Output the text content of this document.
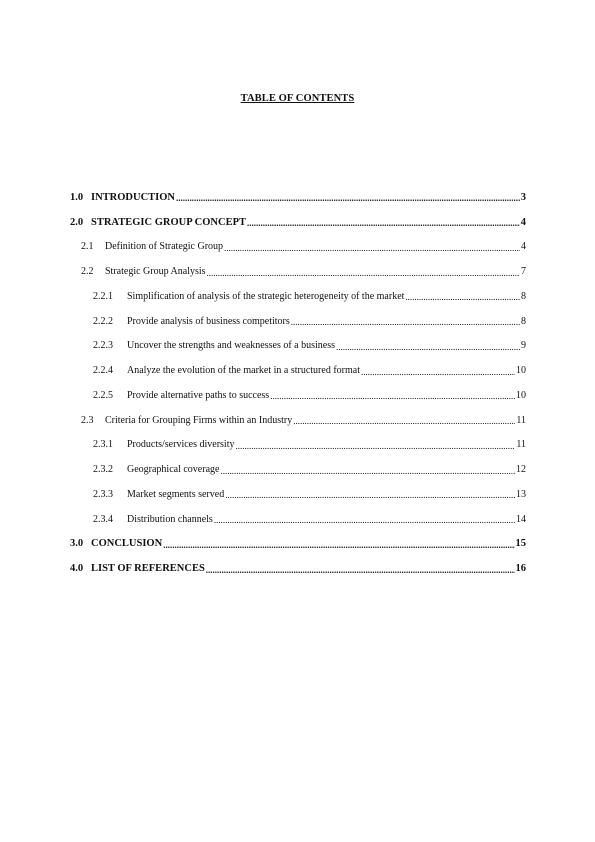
TABLE OF CONTENTS
1.0 INTRODUCTION .....	3
2.0 STRATEGIC GROUP CONCEPT .....	4
2.1	Definition of Strategic Group .....	4
2.2	Strategic Group Analysis .....	7
2.2.1	Simplification of analysis of the strategic heterogeneity of the market .....	8
2.2.2	Provide analysis of business competitors .....	8
2.2.3	Uncover the strengths and weaknesses of a business .....	9
2.2.4	Analyze the evolution of the market in a structured format .....	10
2.2.5	Provide alternative paths to success .....	10
2.3	Criteria for Grouping Firms within an Industry .....	11
2.3.1	Products/services diversity .....	11
2.3.2	Geographical coverage .....	12
2.3.3	Market segments served .....	13
2.3.4	Distribution channels .....	14
3.0 CONCLUSION .....	15
4.0 LIST OF REFERENCES .....	16
